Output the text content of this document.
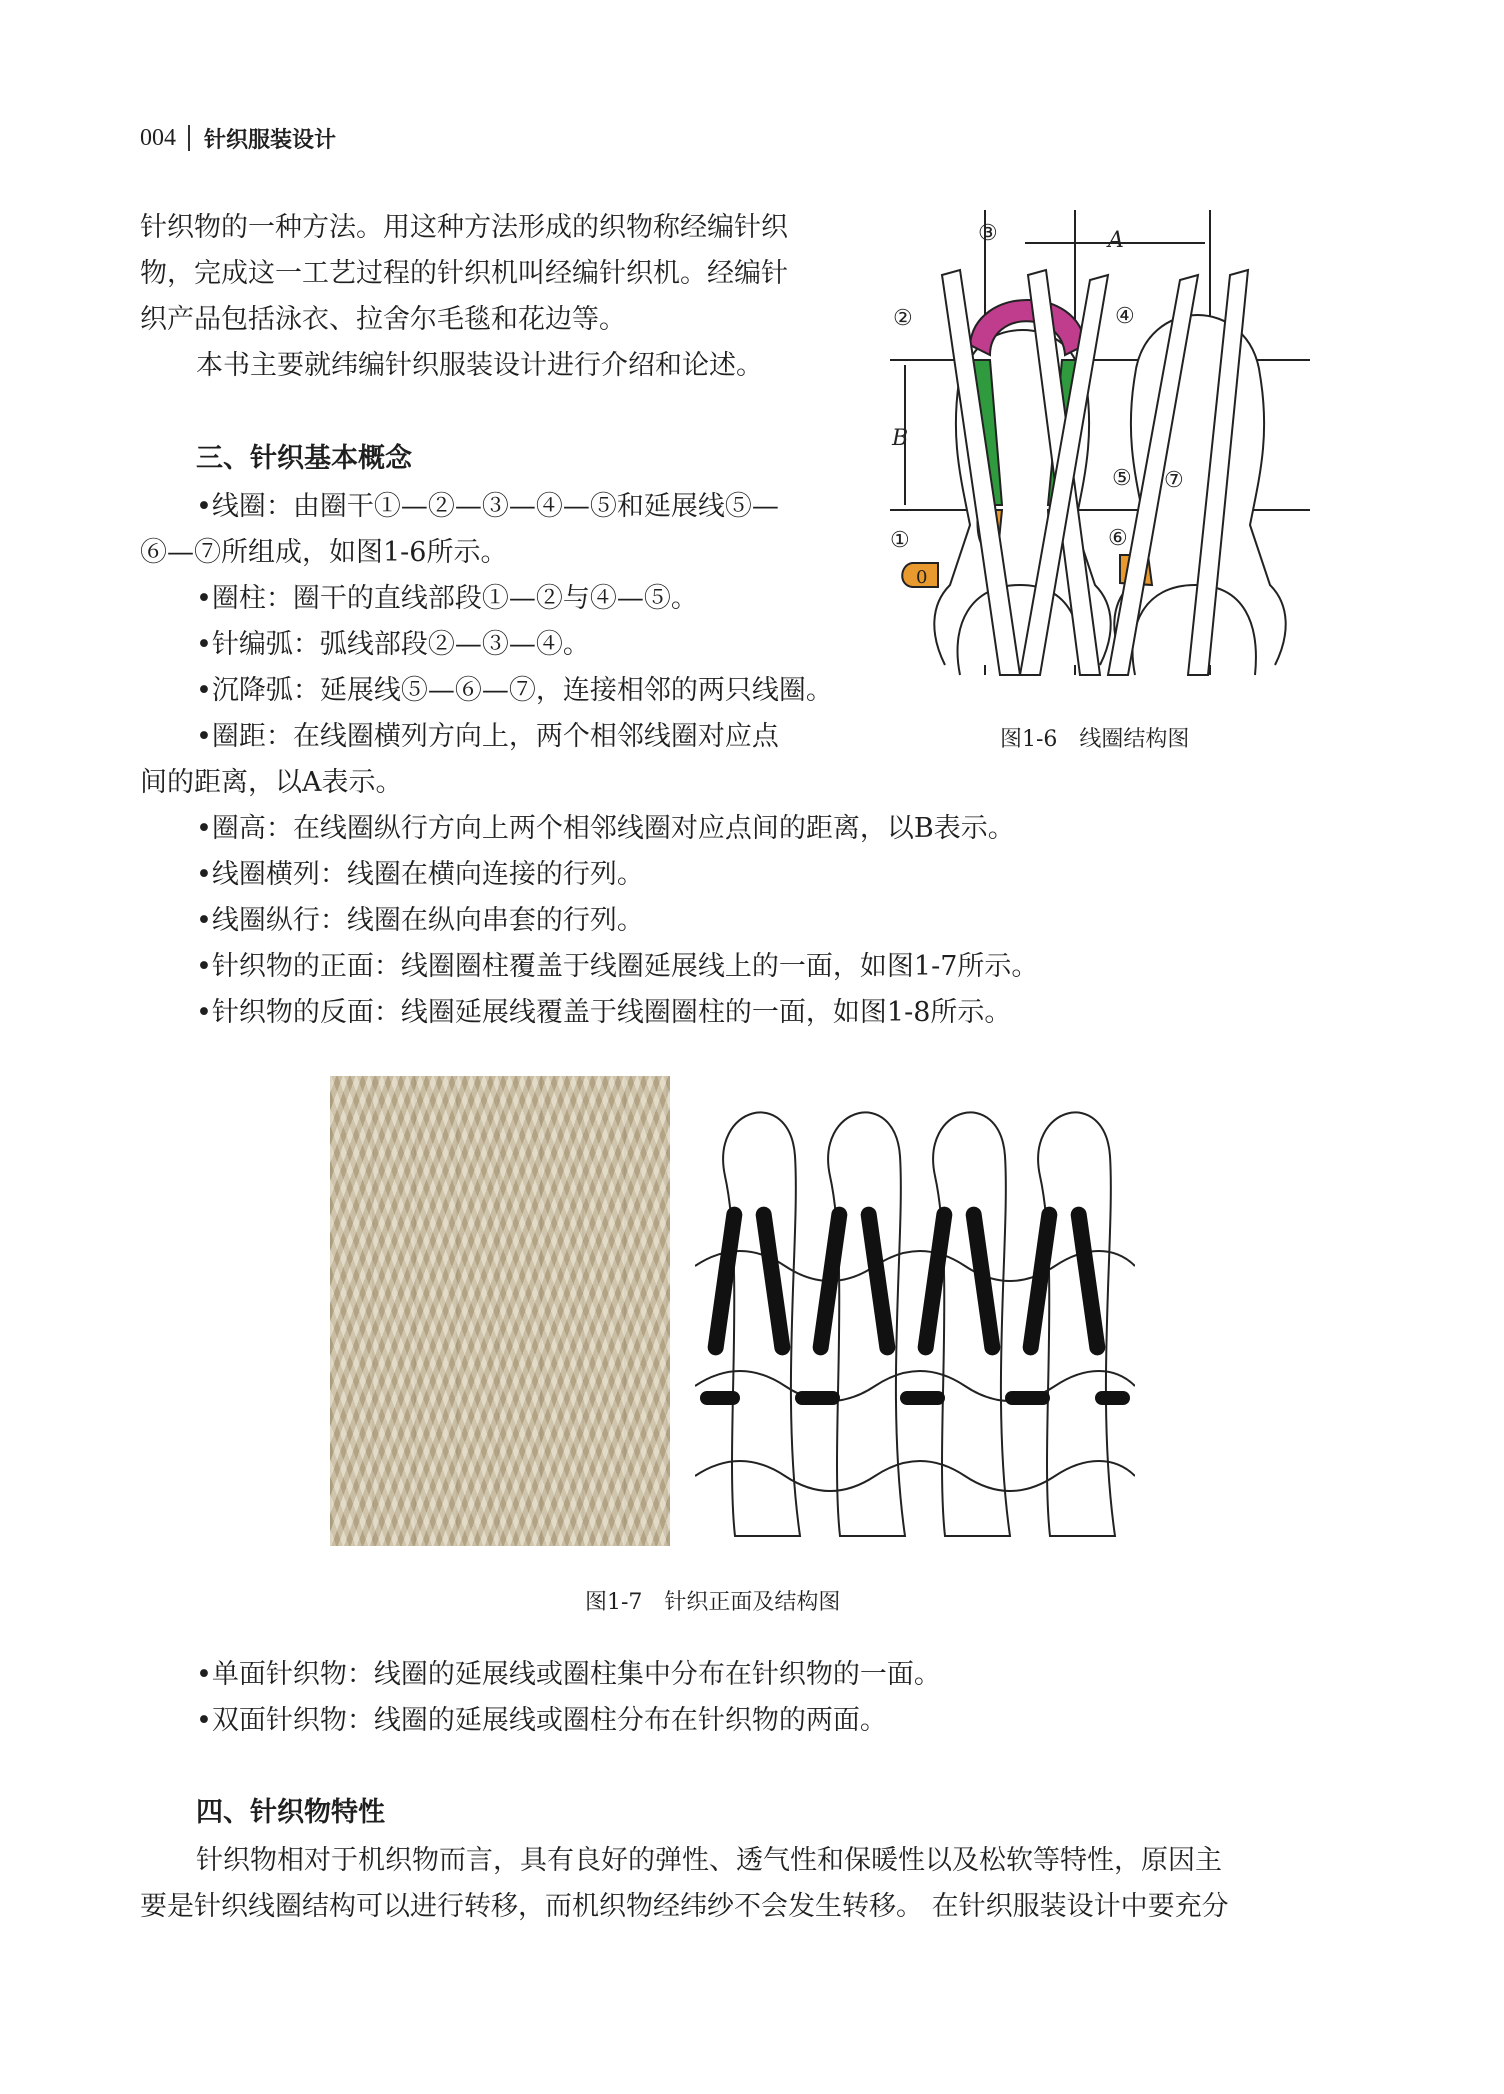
004 针织服装设计
针织物的一种方法。用这种方法形成的织物称经编针织
物，完成这一工艺过程的针织机叫经编针织机。经编针
织产品包括泳衣、拉舍尔毛毯和花边等。
本书主要就纬编针织服装设计进行介绍和论述。
三、针织基本概念
•线圈：由圈干①—②—③—④—⑤和延展线⑤—
⑥—⑦所组成，如图1-6所示。
•圈柱：圈干的直线部段①—②与④—⑤。
•针编弧：弧线部段②—③—④。
•沉降弧：延展线⑤—⑥—⑦，连接相邻的两只线圈。
•圈距：在线圈横列方向上，两个相邻线圈对应点
间的距离，以A表示。
•圈高：在线圈纵行方向上两个相邻线圈对应点间的距离，以B表示。
•线圈横列：线圈在横向连接的行列。
•线圈纵行：线圈在纵向串套的行列。
•针织物的正面：线圈圈柱覆盖于线圈延展线上的一面，如图1-7所示。
•针织物的反面：线圈延展线覆盖于线圈圈柱的一面，如图1-8所示。
③
②	④
⑤ ⑦
①	⑥
0
A
B
图1-6　线圈结构图
图1-7　针织正面及结构图
•单面针织物：线圈的延展线或圈柱集中分布在针织物的一面。
•双面针织物：线圈的延展线或圈柱分布在针织物的两面。
四、针织物特性
针织物相对于机织物而言，具有良好的弹性、透气性和保暖性以及松软等特性，原因主
要是针织线圈结构可以进行转移，而机织物经纬纱不会发生转移。 在针织服装设计中要充分
